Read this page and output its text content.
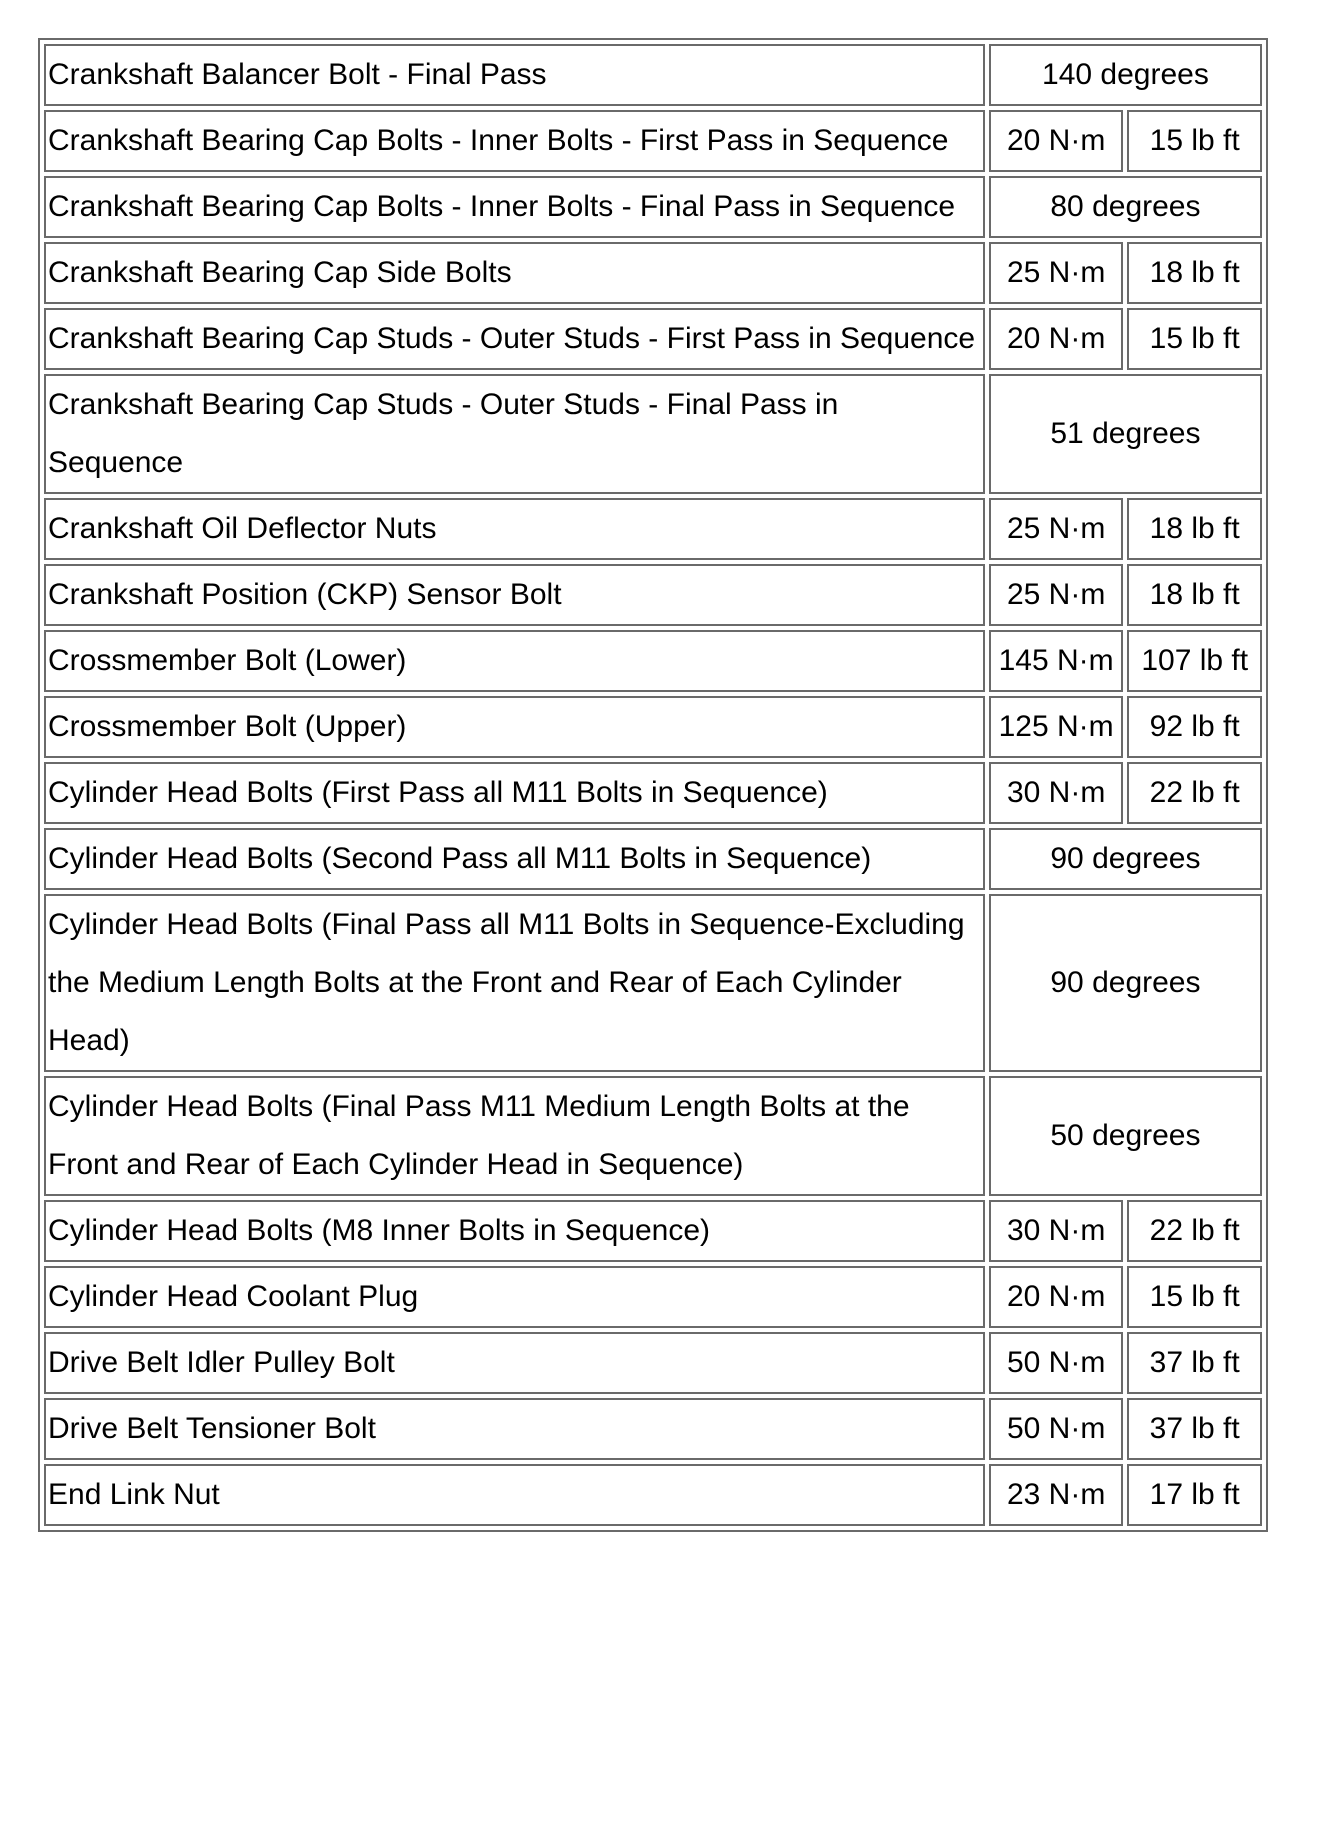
Crankshaft Balancer Bolt - Final Pass	140 degrees	
Crankshaft Bearing Cap Bolts - Inner Bolts - First Pass in Sequence	20 N·m	15 lb ft
Crankshaft Bearing Cap Bolts - Inner Bolts - Final Pass in Sequence	80 degrees	
Crankshaft Bearing Cap Side Bolts	25 N·m	18 lb ft
Crankshaft Bearing Cap Studs - Outer Studs - First Pass in Sequence	20 N·m	15 lb ft
Crankshaft Bearing Cap Studs - Outer Studs - Final Pass in Sequence	51 degrees	
Crankshaft Oil Deflector Nuts	25 N·m	18 lb ft
Crankshaft Position (CKP) Sensor Bolt	25 N·m	18 lb ft
Crossmember Bolt (Lower)	145 N·m	107 lb ft
Crossmember Bolt (Upper)	125 N·m	92 lb ft
Cylinder Head Bolts (First Pass all M11 Bolts in Sequence)	30 N·m	22 lb ft
Cylinder Head Bolts (Second Pass all M11 Bolts in Sequence)	90 degrees	
Cylinder Head Bolts (Final Pass all M11 Bolts in Sequence-Excluding the Medium Length Bolts at the Front and Rear of Each Cylinder Head)	90 degrees	
Cylinder Head Bolts (Final Pass M11 Medium Length Bolts at the Front and Rear of Each Cylinder Head in Sequence)	50 degrees	
Cylinder Head Bolts (M8 Inner Bolts in Sequence)	30 N·m	22 lb ft
Cylinder Head Coolant Plug	20 N·m	15 lb ft
Drive Belt Idler Pulley Bolt	50 N·m	37 lb ft
Drive Belt Tensioner Bolt	50 N·m	37 lb ft
End Link Nut	23 N·m	17 lb ft
